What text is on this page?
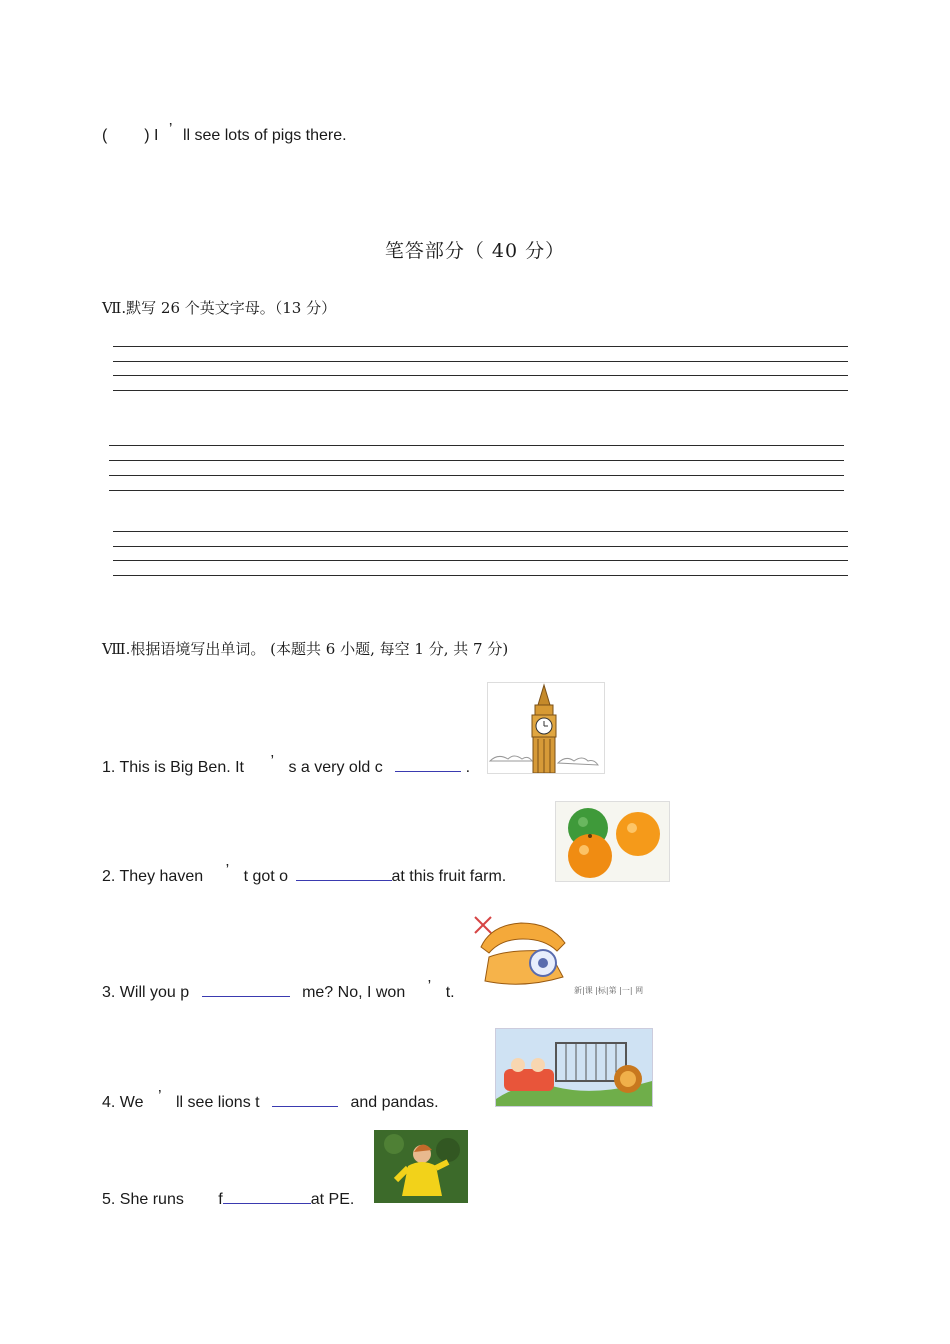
( ) I ’ ll see lots of pigs there.
笔答部分（ 40 分）
Ⅶ.默写 26 个英文字母。（13 分）
Ⅷ.根据语境写出单词。 (本题共 6 小题, 每空 1 分, 共 7 分)
1. This is Big Ben. It ’ s a very old c	.
2. They haven ’ t got o	at this fruit farm.
3. Will you p	me? No, I won ’ t.	新|课 |标|第 |一| 网
4. We ’ ll see lions t	and pandas.
5. She runs f	at PE.
